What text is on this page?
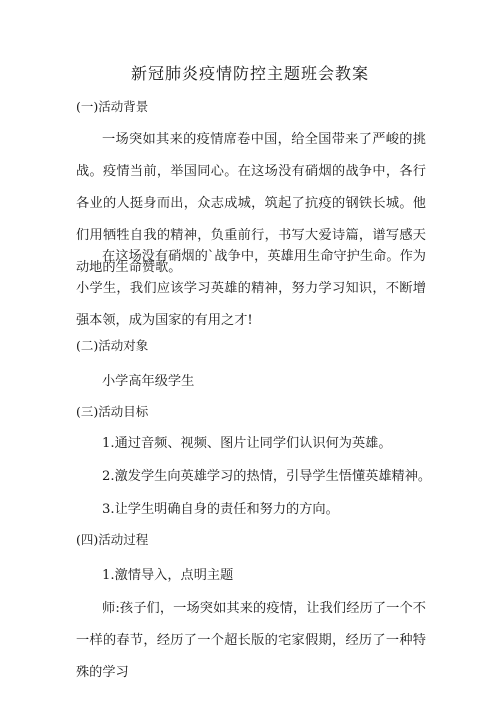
新冠肺炎疫情防控主题班会教案
(一)活动背景
一场突如其来的疫情席卷中国，给全国带来了严峻的挑战。疫情当前，举国同心。在这场没有硝烟的战争中，各行各业的人挺身而出，众志成城，筑起了抗疫的钢铁长城。他们用牺牲自我的精神，负重前行，书写大爱诗篇，谱写感天动地的生命赞歌。
在这场没有硝烟的`战争中，英雄用生命守护生命。作为小学生，我们应该学习英雄的精神，努力学习知识，不断增强本领，成为国家的有用之才!
(二)活动对象
小学高年级学生
(三)活动目标
1.通过音频、视频、图片让同学们认识何为英雄。
2.激发学生向英雄学习的热情，引导学生悟懂英雄精神。
3.让学生明确自身的责任和努力的方向。
(四)活动过程
1.激情导入，点明主题
师:孩子们，一场突如其来的疫情，让我们经历了一个不一样的春节，经历了一个超长版的宅家假期，经历了一种特殊的学习
